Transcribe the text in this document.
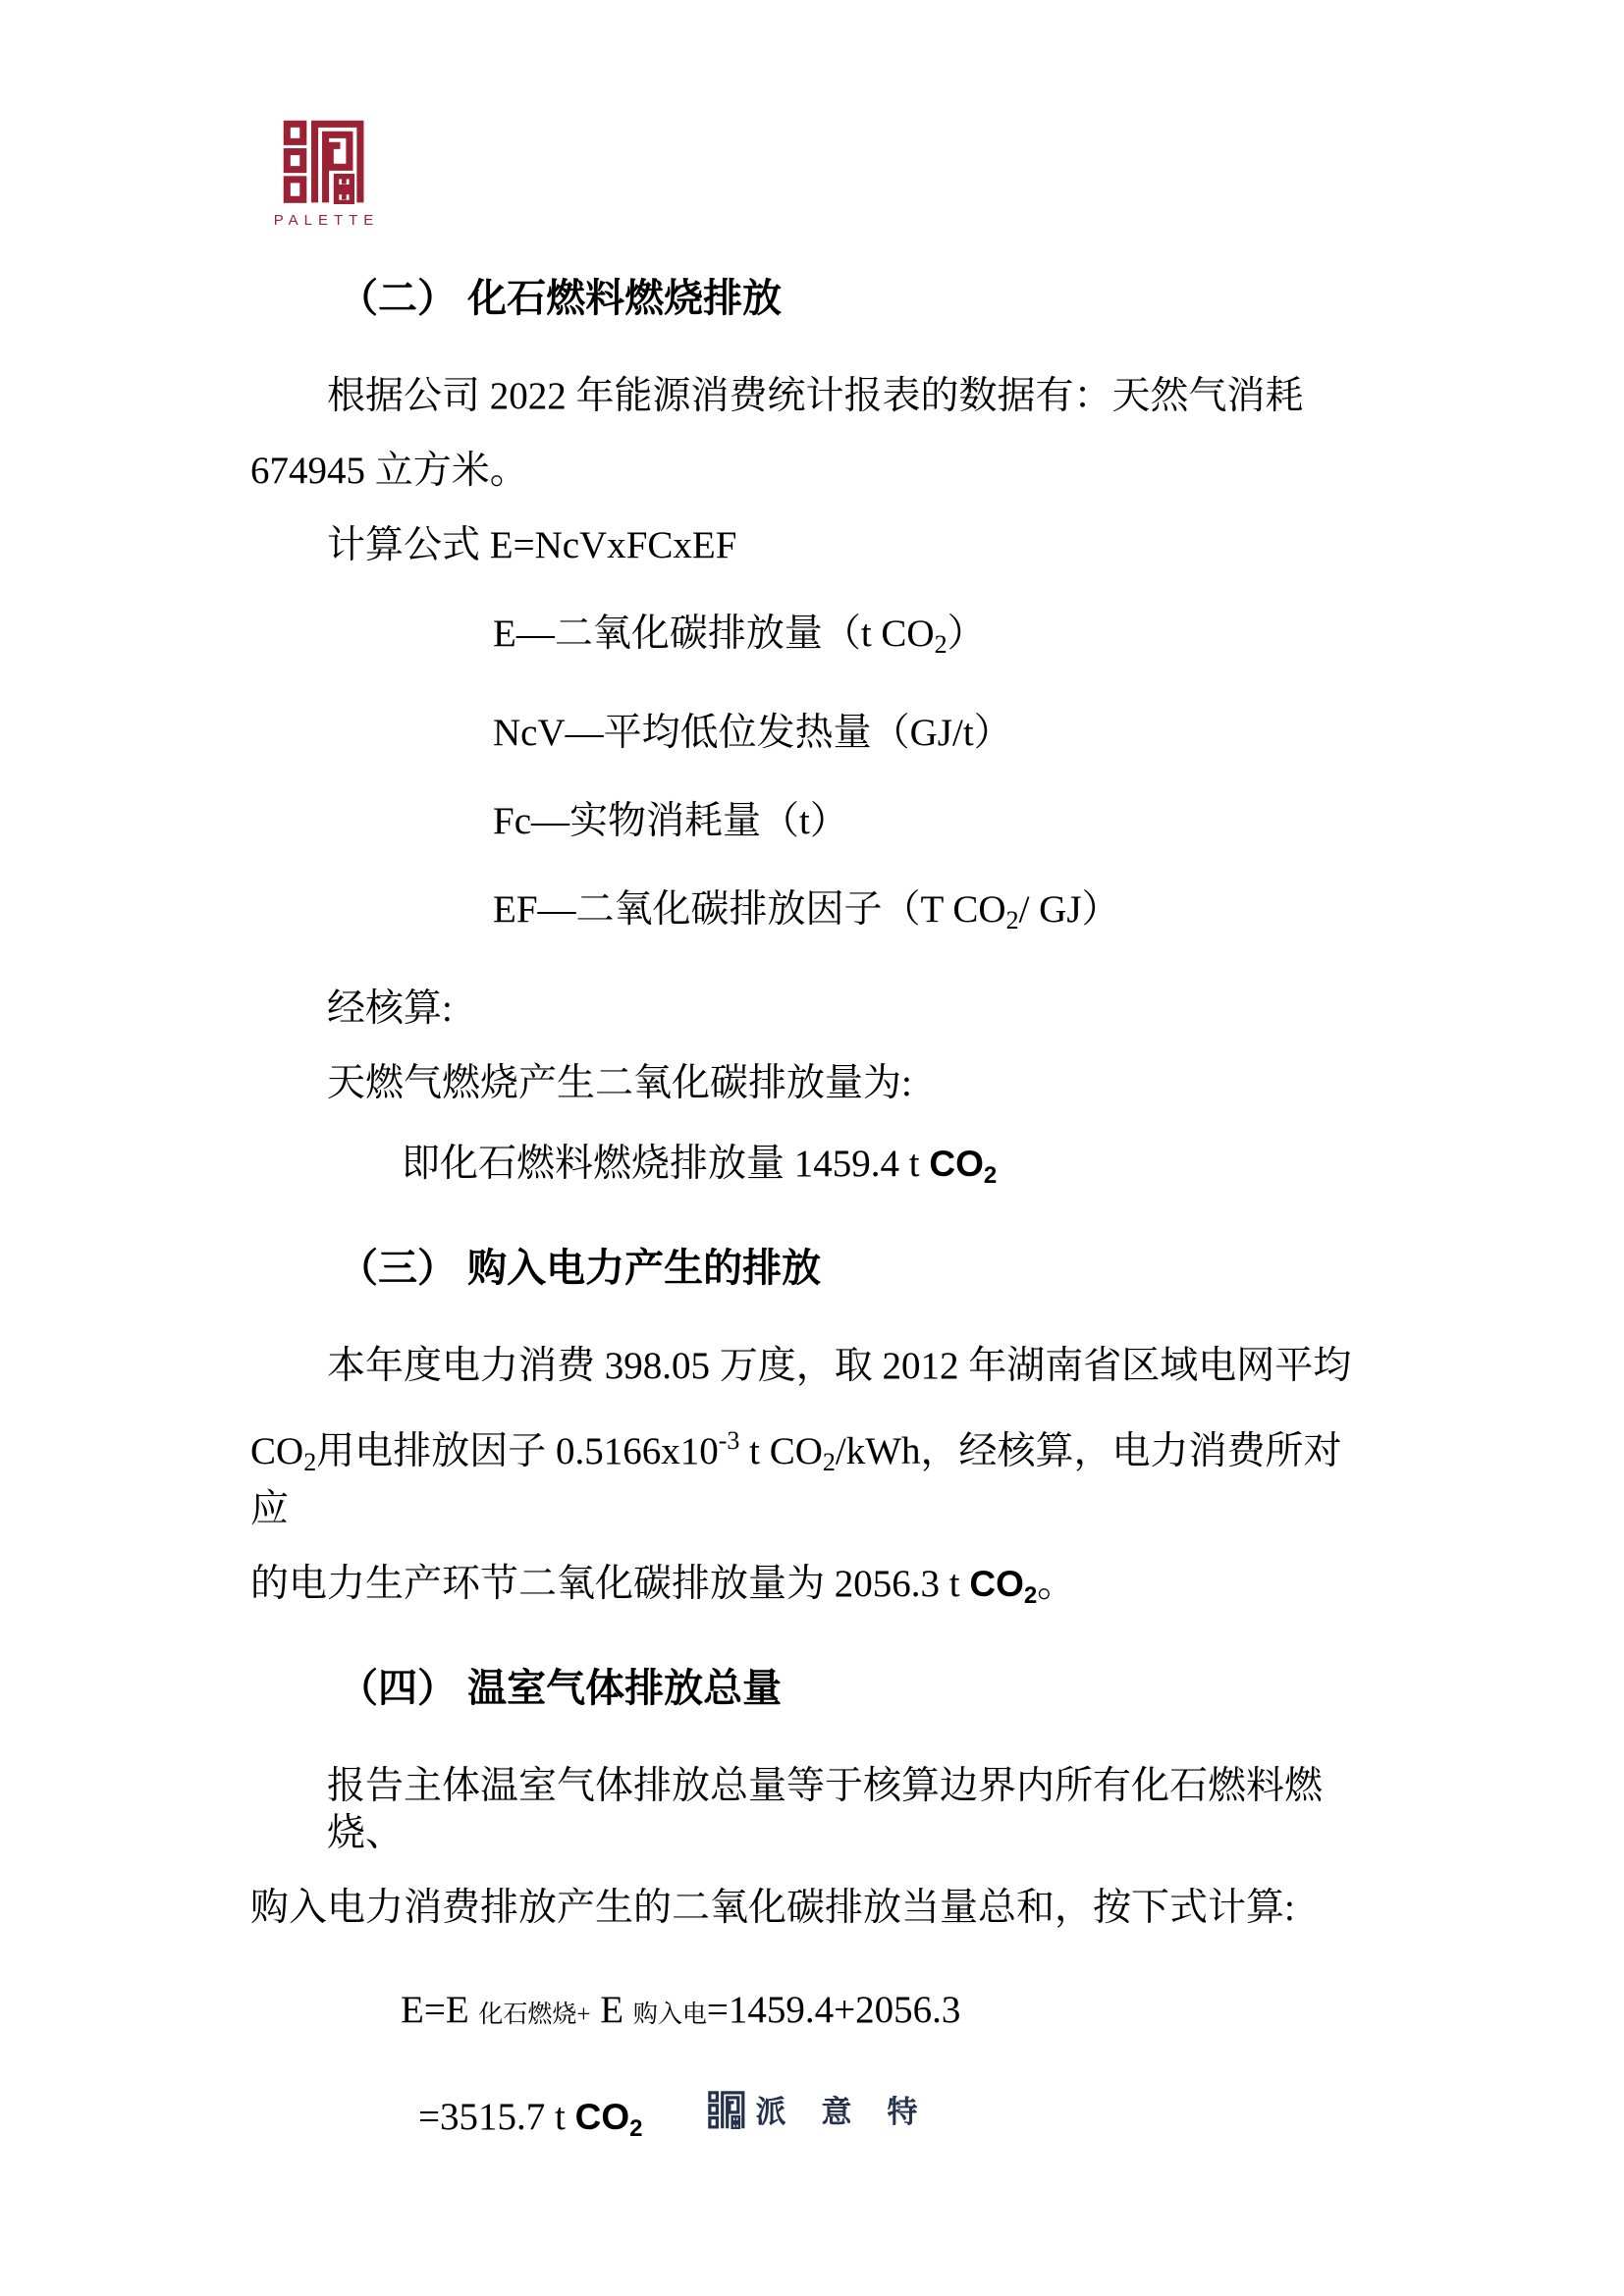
PALETTE
（二） 化石燃料燃烧排放
根据公司 2022 年能源消费统计报表的数据有：天然气消耗
674945 立方米。
计算公式 E=NcVxFCxEF
E—二氧化碳排放量（t CO2）
NcV—平均低位发热量（GJ/t）
Fc—实物消耗量（t）
EF—二氧化碳排放因子（T CO2/ GJ）
经核算:
天燃气燃烧产生二氧化碳排放量为:
即化石燃料燃烧排放量 1459.4 t CO2
（三） 购入电力产生的排放
本年度电力消费 398.05 万度，取 2012 年湖南省区域电网平均
CO2用电排放因子 $0.5166x10^{-3}$ t CO2/kWh，经核算，电力消费所对应
的电力生产环节二氧化碳排放量为 2056.3 t CO2。
（四） 温室气体排放总量
报告主体温室气体排放总量等于核算边界内所有化石燃料燃烧、
购入电力消费排放产生的二氧化碳排放当量总和，按下式计算:
E=E 化石燃烧+ E 购入电=1459.4+2056.3
=3515.7 t CO2	派意特
